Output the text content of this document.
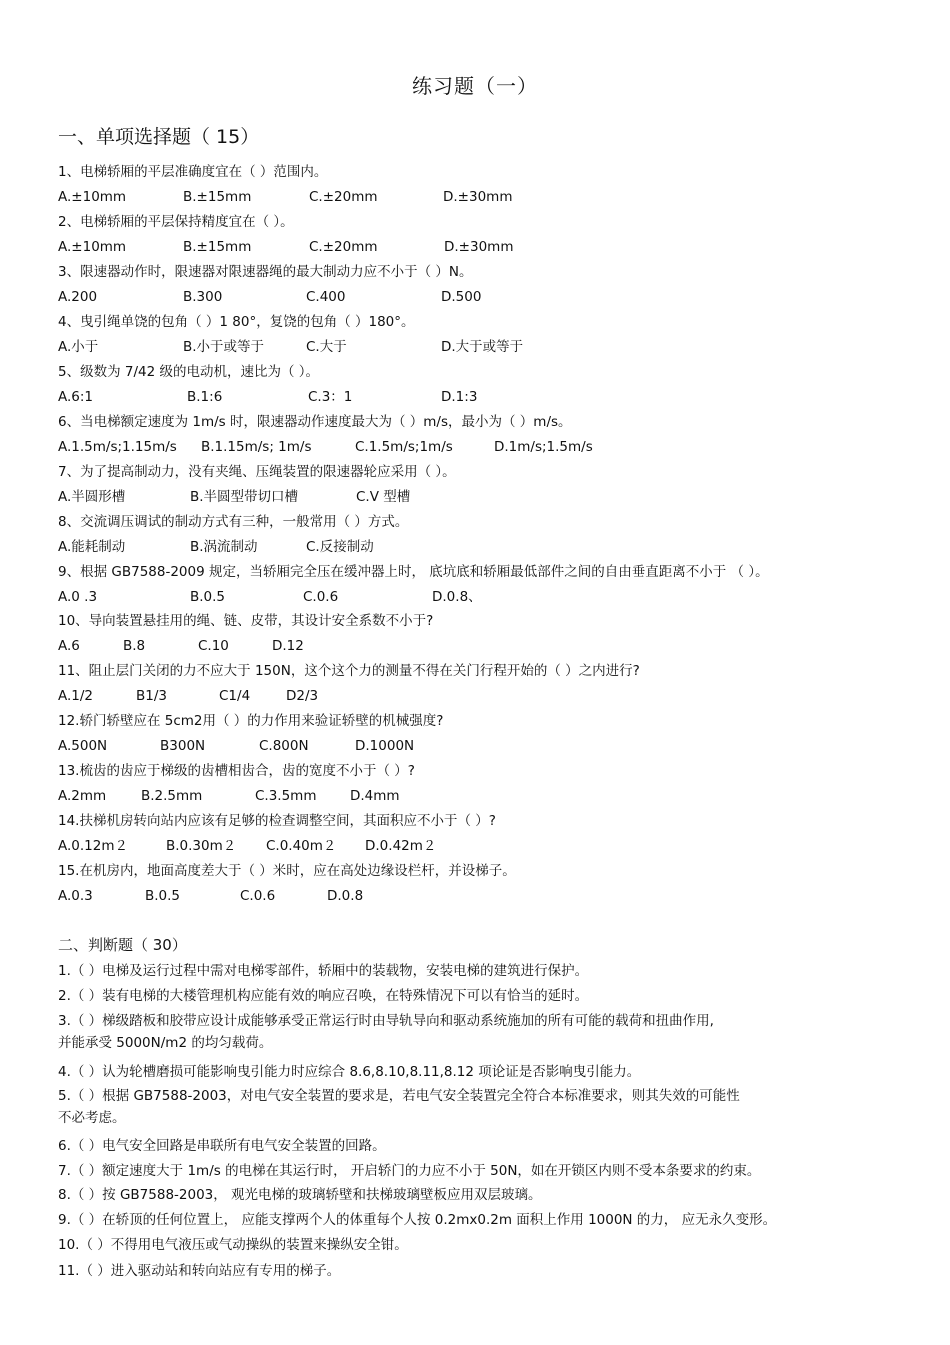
练习题（一）
一、单项选择题（ 15）
1、电梯轿厢的平层准确度宜在（ ）范围内。
A.±10mm	B.±15mm	C.±20mm	D.±30mm
2、电梯轿厢的平层保持精度宜在（ ）。
A.±10mm	B.±15mm	C.±20mm	D.±30mm
3、限速器动作时，限速器对限速器绳的最大制动力应不小于（ ）N。
A.200	B.300	C.400	D.500
4、曳引绳单饶的包角（ ）1 80°，复饶的包角（ ）180°。
A.小于	B.小于或等于	C.大于	D.大于或等于
5、级数为 7/42 级的电动机，速比为（ ）。
A.6:1	B.1:6	C.3：1	D.1:3
6、当电梯额定速度为 1m/s 时，限速器动作速度最大为（ ）m/s，最小为（ ）m/s。
A.1.5m/s;1.15m/s B.1.15m/s; 1m/s	C.1.5m/s;1m/s	D.1m/s;1.5m/s
7、为了提高制动力，没有夹绳、压绳装置的限速器轮应采用（ ）。
A.半圆形槽	B.半圆型带切口槽	C.V 型槽
8、交流调压调试的制动方式有三种，一般常用（ ）方式。
A.能耗制动	B.涡流制动	C.反接制动
9、根据 GB7588-2009 规定，当轿厢完全压在缓冲器上时， 底坑底和轿厢最低部件之间的自由垂直距离不小于 （ ）。
A.0 .3	B.0.5	C.0.6	D.0.8、
10、导向装置悬挂用的绳、链、皮带，其设计安全系数不小于?
A.6	B.8	C.10	D.12
11、阻止层门关闭的力不应大于 150N，这个这个力的测量不得在关门行程开始的（ ）之内进行?
A.1/2	B1/3	C1/4	D2/3
12.轿门轿壁应在 5cm2用（ ）的力作用来验证轿壁的机械强度?
A.500N	B300N	C.800N	D.1000N
13.梳齿的齿应于梯级的齿槽相齿合，齿的宽度不小于（ ）?
A.2mm	B.2.5mm	C.3.5mm D.4mm
14.扶梯机房转向站内应该有足够的检查调整空间，其面积应不小于（ ）?
A.0.12m２	B.0.30m２ C.0.40m２ D.0.42m２
15.在机房内，地面高度差大于（ ）米时，应在高处边缘设栏杆，并设梯子。
A.0.3	B.0.5	C.0.6	D.0.8
二、判断题（ 30）
1.（ ）电梯及运行过程中需对电梯零部件，轿厢中的装载物，安装电梯的建筑进行保护。
2.（ ）装有电梯的大楼管理机构应能有效的响应召唤，在特殊情况下可以有恰当的延时。
3.（ ）梯级踏板和胶带应设计成能够承受正常运行时由导轨导向和驱动系统施加的所有可能的载荷和扭曲作用,
并能承受 5000N/m2 的均匀载荷。
4.（ ）认为轮槽磨损可能影响曳引能力时应综合 8.6,8.10,8.11,8.12 项论证是否影响曳引能力。
5.（ ）根据 GB7588-2003，对电气安全装置的要求是，若电气安全装置完全符合本标准要求，则其失效的可能性
不必考虑。
6.（ ）电气安全回路是串联所有电气安全装置的回路。
7.（ ）额定速度大于 1m/s 的电梯在其运行时， 开启轿门的力应不小于 50N，如在开锁区内则不受本条要求的约束。
8.（ ）按 GB7588-2003， 观光电梯的玻璃轿壁和扶梯玻璃壁板应用双层玻璃。
9.（ ）在轿顶的任何位置上， 应能支撑两个人的体重每个人按 0.2mx0.2m 面积上作用 1000N 的力， 应无永久变形。
10.（ ）不得用电气液压或气动操纵的装置来操纵安全钳。
11.（ ）进入驱动站和转向站应有专用的梯子。
